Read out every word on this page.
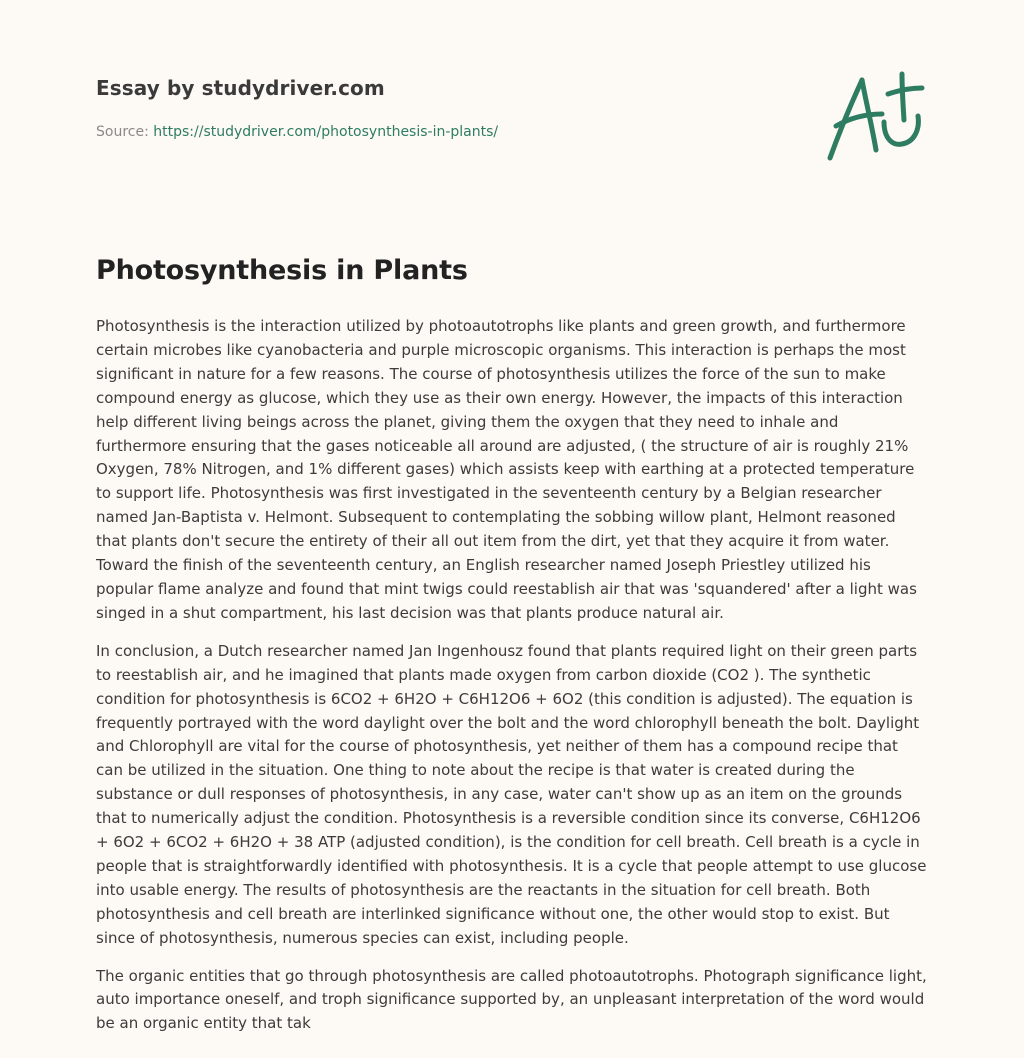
Essay by studydriver.com

Source: https://studydriver.com/photosynthesis-in-plants/

Photosynthesis in Plants

Photosynthesis is the interaction utilized by photoautotrophs like plants and green growth, and furthermore certain microbes like cyanobacteria and purple microscopic organisms. This interaction is perhaps the most significant in nature for a few reasons. The course of photosynthesis utilizes the force of the sun to make compound energy as glucose, which they use as their own energy. However, the impacts of this interaction help different living beings across the planet, giving them the oxygen that they need to inhale and furthermore ensuring that the gases noticeable all around are adjusted, ( the structure of air is roughly 21% Oxygen, 78% Nitrogen, and 1% different gases) which assists keep with earthing at a protected temperature to support life. Photosynthesis was first investigated in the seventeenth century by a Belgian researcher named Jan-Baptista v. Helmont. Subsequent to contemplating the sobbing willow plant, Helmont reasoned that plants don't secure the entirety of their all out item from the dirt, yet that they acquire it from water. Toward the finish of the seventeenth century, an English researcher named Joseph Priestley utilized his popular flame analyze and found that mint twigs could reestablish air that was 'squandered' after a light was singed in a shut compartment, his last decision was that plants produce natural air.

In conclusion, a Dutch researcher named Jan Ingenhousz found that plants required light on their green parts to reestablish air, and he imagined that plants made oxygen from carbon dioxide (CO2 ). The synthetic condition for photosynthesis is 6CO2 + 6H2O + C6H12O6 + 6O2 (this condition is adjusted). The equation is frequently portrayed with the word daylight over the bolt and the word chlorophyll beneath the bolt. Daylight and Chlorophyll are vital for the course of photosynthesis, yet neither of them has a compound recipe that can be utilized in the situation. One thing to note about the recipe is that water is created during the substance or dull responses of photosynthesis, in any case, water can't show up as an item on the grounds that to numerically adjust the condition. Photosynthesis is a reversible condition since its converse, C6H12O6 + 6O2 + 6CO2 + 6H2O + 38 ATP (adjusted condition), is the condition for cell breath. Cell breath is a cycle in people that is straightforwardly identified with photosynthesis. It is a cycle that people attempt to use glucose into usable energy. The results of photosynthesis are the reactants in the situation for cell breath. Both photosynthesis and cell breath are interlinked significance without one, the other would stop to exist. But since of photosynthesis, numerous species can exist, including people.

The organic entities that go through photosynthesis are called photoautotrophs. Photograph significance light, auto importance oneself, and troph significance supported by, an unpleasant interpretation of the word would be an organic entity that tak
